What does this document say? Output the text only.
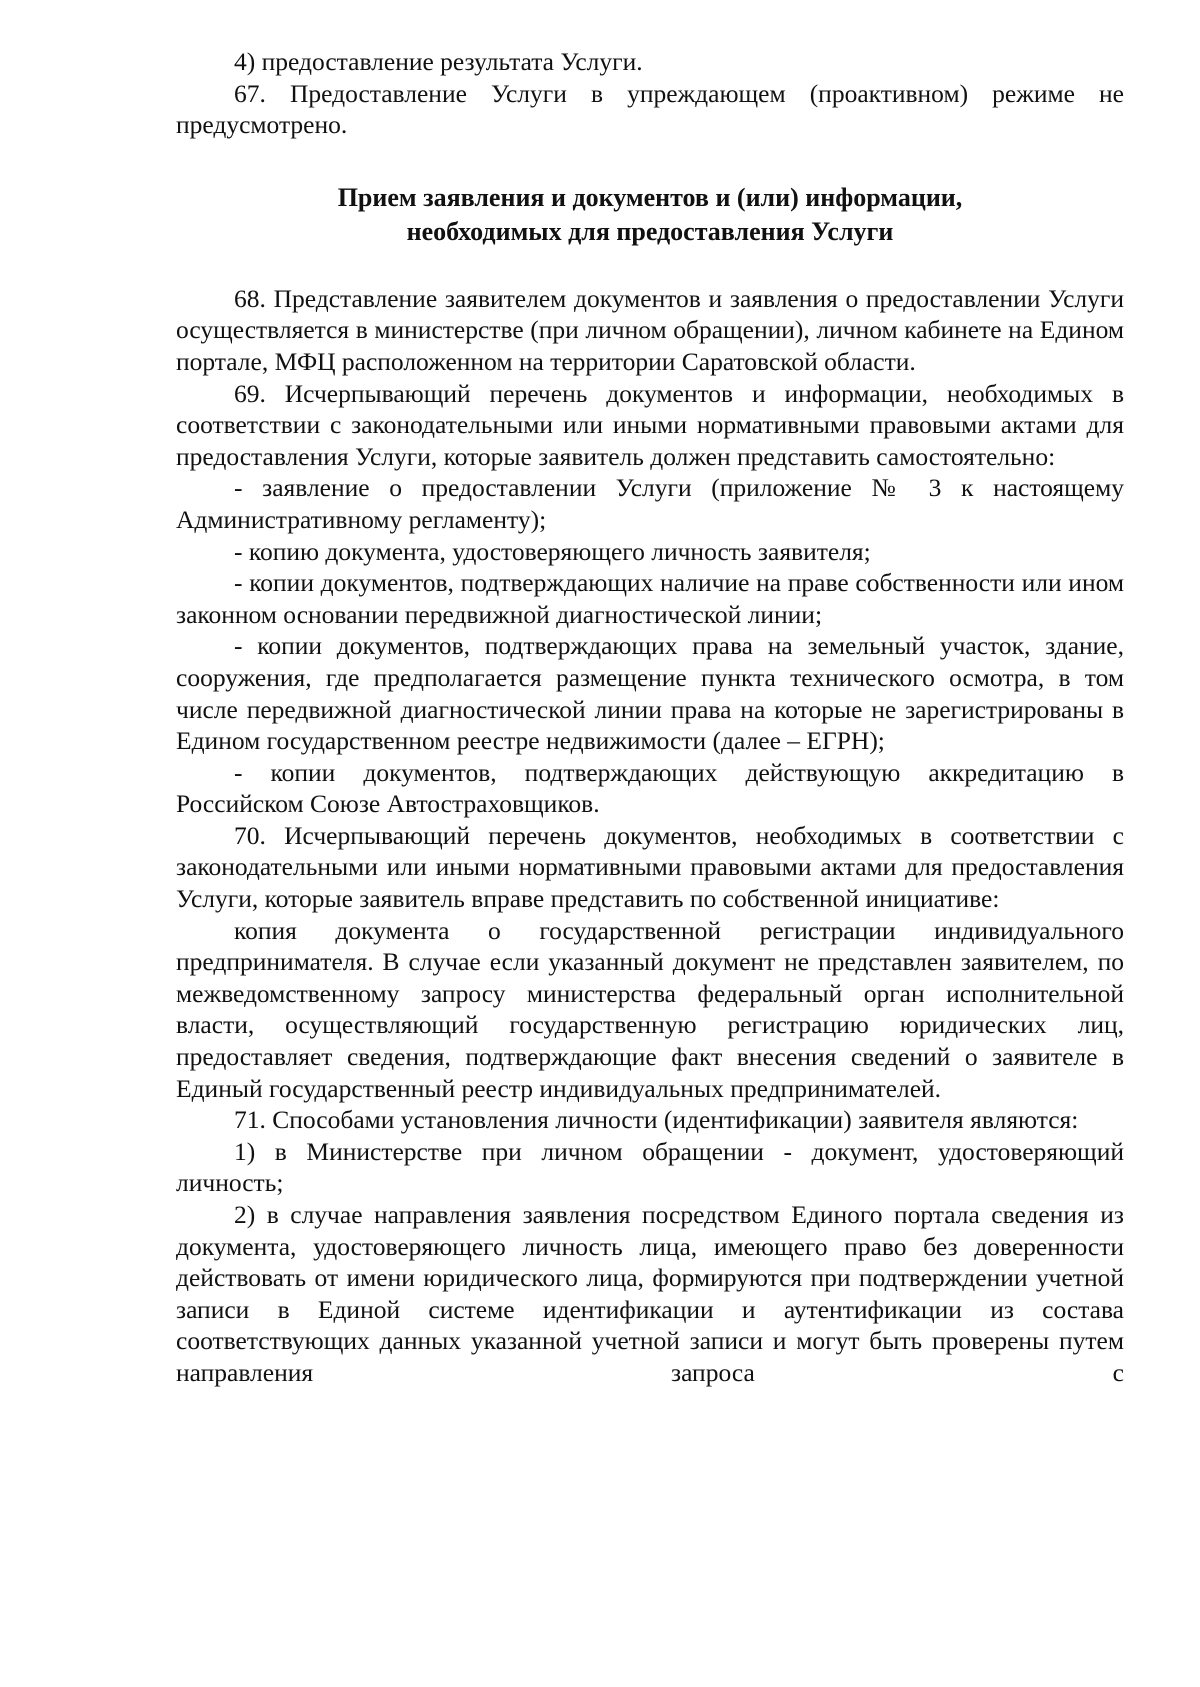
4) предоставление результата Услуги.

67. Предоставление Услуги в упреждающем (проактивном) режиме не предусмотрено.

Прием заявления и документов и (или) информации,
необходимых для предоставления Услуги

68. Представление заявителем документов и заявления о предоставлении Услуги осуществляется в министерстве (при личном обращении), личном кабинете на Едином портале, МФЦ расположенном на территории Саратовской области.

69. Исчерпывающий перечень документов и информации, необходимых в соответствии с законодательными или иными нормативными правовыми актами для предоставления Услуги, которые заявитель должен представить самостоятельно:

- заявление о предоставлении Услуги (приложение № 3 к настоящему Административному регламенту);

- копию документа, удостоверяющего личность заявителя;

- копии документов, подтверждающих наличие на праве собственности или ином законном основании передвижной диагностической линии;

- копии документов, подтверждающих права на земельный участок, здание, сооружения, где предполагается размещение пункта технического осмотра, в том числе передвижной диагностической линии права на которые не зарегистрированы в Едином государственном реестре недвижимости (далее – ЕГРН);

- копии документов, подтверждающих действующую аккредитацию в Российском Союзе Автостраховщиков.

70. Исчерпывающий перечень документов, необходимых в соответствии с законодательными или иными нормативными правовыми актами для предоставления Услуги, которые заявитель вправе представить по собственной инициативе:

копия документа о государственной регистрации индивидуального предпринимателя. В случае если указанный документ не представлен заявителем, по межведомственному запросу министерства федеральный орган исполнительной власти, осуществляющий государственную регистрацию юридических лиц, предоставляет сведения, подтверждающие факт внесения сведений о заявителе в Единый государственный реестр индивидуальных предпринимателей.

71. Способами установления личности (идентификации) заявителя являются:

1) в Министерстве при личном обращении - документ, удостоверяющий личность;

2) в случае направления заявления посредством Единого портала сведения из документа, удостоверяющего личность лица, имеющего право без доверенности действовать от имени юридического лица, формируются при подтверждении учетной записи в Единой системе идентификации и аутентификации из состава соответствующих данных указанной учетной записи и могут быть проверены путем направления запроса с
